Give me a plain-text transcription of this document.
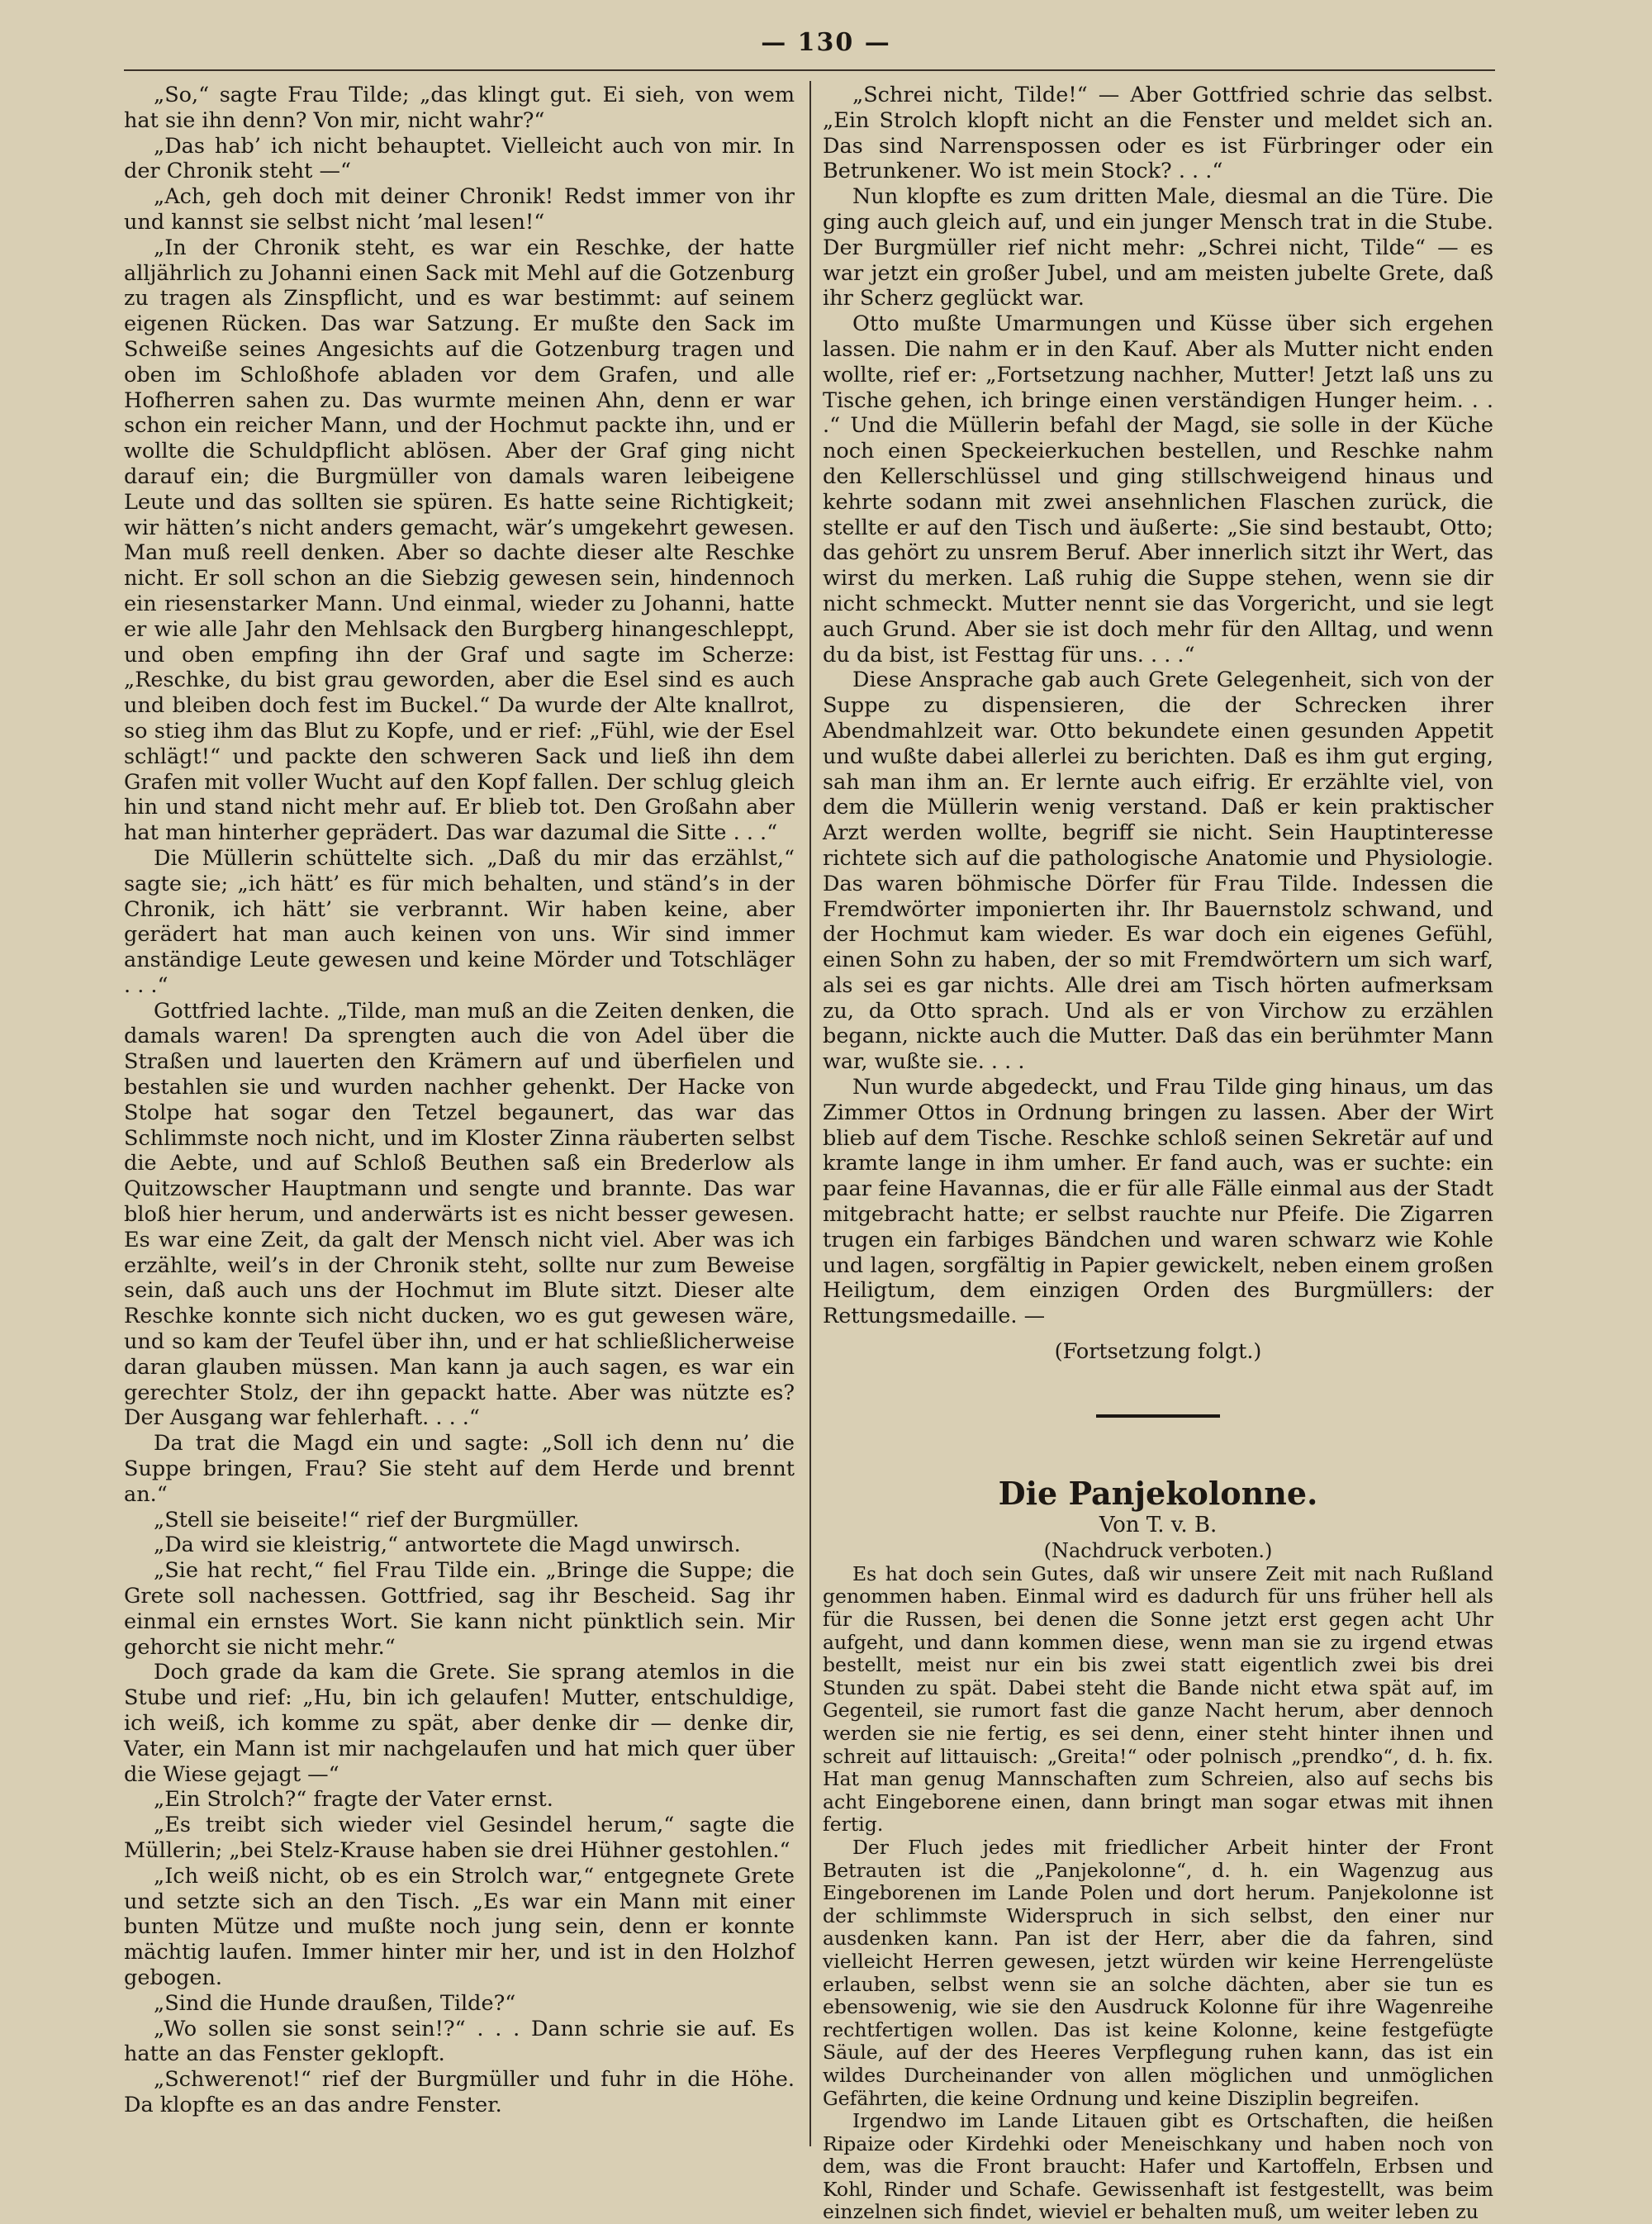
— 130 —

„So,“ sagte Frau Tilde; „das klingt gut. Ei sieh, von wem hat sie ihn denn? Von mir, nicht wahr?“

„Das hab’ ich nicht behauptet. Vielleicht auch von mir. In der Chronik steht —“

„Ach, geh doch mit deiner Chronik! Redst immer von ihr und kannst sie selbst nicht ’mal lesen!“

„In der Chronik steht, es war ein Reschke, der hatte alljährlich zu Johanni einen Sack mit Mehl auf die Gotzenburg zu tragen als Zinspflicht, und es war bestimmt: auf seinem eigenen Rücken. Das war Satzung. Er mußte den Sack im Schweiße seines Angesichts auf die Gotzenburg tragen und oben im Schloßhofe abladen vor dem Grafen, und alle Hofherren sahen zu. Das wurmte meinen Ahn, denn er war schon ein reicher Mann, und der Hochmut packte ihn, und er wollte die Schuldpflicht ablösen. Aber der Graf ging nicht darauf ein; die Burgmüller von damals waren leibeigene Leute und das sollten sie spüren. Es hatte seine Richtigkeit; wir hätten’s nicht anders gemacht, wär’s umgekehrt gewesen. Man muß reell denken. Aber so dachte dieser alte Reschke nicht. Er soll schon an die Siebzig gewesen sein, hindennoch ein riesenstarker Mann. Und einmal, wieder zu Johanni, hatte er wie alle Jahr den Mehlsack den Burgberg hinangeschleppt, und oben empfing ihn der Graf und sagte im Scherze: „Reschke, du bist grau geworden, aber die Esel sind es auch und bleiben doch fest im Buckel.“ Da wurde der Alte knallrot, so stieg ihm das Blut zu Kopfe, und er rief: „Fühl, wie der Esel schlägt!“ und packte den schweren Sack und ließ ihn dem Grafen mit voller Wucht auf den Kopf fallen. Der schlug gleich hin und stand nicht mehr auf. Er blieb tot. Den Großahn aber hat man hinterher geprädert. Das war dazumal die Sitte . . .“

Die Müllerin schüttelte sich. „Daß du mir das erzählst,“ sagte sie; „ich hätt’ es für mich behalten, und ständ’s in der Chronik, ich hätt’ sie verbrannt. Wir haben keine, aber gerädert hat man auch keinen von uns. Wir sind immer anständige Leute gewesen und keine Mörder und Totschläger . . .“

Gottfried lachte. „Tilde, man muß an die Zeiten denken, die damals waren! Da sprengten auch die von Adel über die Straßen und lauerten den Krämern auf und überfielen und bestahlen sie und wurden nachher gehenkt. Der Hacke von Stolpe hat sogar den Tetzel begaunert, das war das Schlimmste noch nicht, und im Kloster Zinna räuberten selbst die Aebte, und auf Schloß Beuthen saß ein Brederlow als Quitzowscher Hauptmann und sengte und brannte. Das war bloß hier herum, und anderwärts ist es nicht besser gewesen. Es war eine Zeit, da galt der Mensch nicht viel. Aber was ich erzählte, weil’s in der Chronik steht, sollte nur zum Beweise sein, daß auch uns der Hochmut im Blute sitzt. Dieser alte Reschke konnte sich nicht ducken, wo es gut gewesen wäre, und so kam der Teufel über ihn, und er hat schließlicherweise daran glauben müssen. Man kann ja auch sagen, es war ein gerechter Stolz, der ihn gepackt hatte. Aber was nützte es? Der Ausgang war fehlerhaft. . . .“

Da trat die Magd ein und sagte: „Soll ich denn nu’ die Suppe bringen, Frau? Sie steht auf dem Herde und brennt an.“

„Stell sie beiseite!“ rief der Burgmüller.

„Da wird sie kleistrig,“ antwortete die Magd unwirsch.

„Sie hat recht,“ fiel Frau Tilde ein. „Bringe die Suppe; die Grete soll nachessen. Gottfried, sag ihr Bescheid. Sag ihr einmal ein ernstes Wort. Sie kann nicht pünktlich sein. Mir gehorcht sie nicht mehr.“

Doch grade da kam die Grete. Sie sprang atemlos in die Stube und rief: „Hu, bin ich gelaufen! Mutter, entschuldige, ich weiß, ich komme zu spät, aber denke dir — denke dir, Vater, ein Mann ist mir nachgelaufen und hat mich quer über die Wiese gejagt —“

„Ein Strolch?“ fragte der Vater ernst.

„Es treibt sich wieder viel Gesindel herum,“ sagte die Müllerin; „bei Stelz-Krause haben sie drei Hühner gestohlen.“

„Ich weiß nicht, ob es ein Strolch war,“ entgegnete Grete und setzte sich an den Tisch. „Es war ein Mann mit einer bunten Mütze und mußte noch jung sein, denn er konnte mächtig laufen. Immer hinter mir her, und ist in den Holzhof gebogen.

„Sind die Hunde draußen, Tilde?“

„Wo sollen sie sonst sein!?“ . . . Dann schrie sie auf. Es hatte an das Fenster geklopft.

„Schwerenot!“ rief der Burgmüller und fuhr in die Höhe. Da klopfte es an das andre Fenster.

„Schrei nicht, Tilde!“ — Aber Gottfried schrie das selbst. „Ein Strolch klopft nicht an die Fenster und meldet sich an. Das sind Narrenspossen oder es ist Fürbringer oder ein Betrunkener. Wo ist mein Stock? . . .“

Nun klopfte es zum dritten Male, diesmal an die Türe. Die ging auch gleich auf, und ein junger Mensch trat in die Stube. Der Burgmüller rief nicht mehr: „Schrei nicht, Tilde“ — es war jetzt ein großer Jubel, und am meisten jubelte Grete, daß ihr Scherz geglückt war.

Otto mußte Umarmungen und Küsse über sich ergehen lassen. Die nahm er in den Kauf. Aber als Mutter nicht enden wollte, rief er: „Fortsetzung nachher, Mutter! Jetzt laß uns zu Tische gehen, ich bringe einen verständigen Hunger heim. . . .“ Und die Müllerin befahl der Magd, sie solle in der Küche noch einen Speckeierkuchen bestellen, und Reschke nahm den Kellerschlüssel und ging stillschweigend hinaus und kehrte sodann mit zwei ansehnlichen Flaschen zurück, die stellte er auf den Tisch und äußerte: „Sie sind bestaubt, Otto; das gehört zu unsrem Beruf. Aber innerlich sitzt ihr Wert, das wirst du merken. Laß ruhig die Suppe stehen, wenn sie dir nicht schmeckt. Mutter nennt sie das Vorgericht, und sie legt auch Grund. Aber sie ist doch mehr für den Alltag, und wenn du da bist, ist Festtag für uns. . . .“

Diese Ansprache gab auch Grete Gelegenheit, sich von der Suppe zu dispensieren, die der Schrecken ihrer Abendmahlzeit war. Otto bekundete einen gesunden Appetit und wußte dabei allerlei zu berichten. Daß es ihm gut erging, sah man ihm an. Er lernte auch eifrig. Er erzählte viel, von dem die Müllerin wenig verstand. Daß er kein praktischer Arzt werden wollte, begriff sie nicht. Sein Hauptinteresse richtete sich auf die pathologische Anatomie und Physiologie. Das waren böhmische Dörfer für Frau Tilde. Indessen die Fremdwörter imponierten ihr. Ihr Bauernstolz schwand, und der Hochmut kam wieder. Es war doch ein eigenes Gefühl, einen Sohn zu haben, der so mit Fremdwörtern um sich warf, als sei es gar nichts. Alle drei am Tisch hörten aufmerksam zu, da Otto sprach. Und als er von Virchow zu erzählen begann, nickte auch die Mutter. Daß das ein berühmter Mann war, wußte sie. . . .

Nun wurde abgedeckt, und Frau Tilde ging hinaus, um das Zimmer Ottos in Ordnung bringen zu lassen. Aber der Wirt blieb auf dem Tische. Reschke schloß seinen Sekretär auf und kramte lange in ihm umher. Er fand auch, was er suchte: ein paar feine Havannas, die er für alle Fälle einmal aus der Stadt mitgebracht hatte; er selbst rauchte nur Pfeife. Die Zigarren trugen ein farbiges Bändchen und waren schwarz wie Kohle und lagen, sorgfältig in Papier gewickelt, neben einem großen Heiligtum, dem einzigen Orden des Burgmüllers: der Rettungsmedaille. —

(Fortsetzung folgt.)

Die Panjekolonne.

Von T. v. B.

(Nachdruck verboten.)

Es hat doch sein Gutes, daß wir unsere Zeit mit nach Rußland genommen haben. Einmal wird es dadurch für uns früher hell als für die Russen, bei denen die Sonne jetzt erst gegen acht Uhr aufgeht, und dann kommen diese, wenn man sie zu irgend etwas bestellt, meist nur ein bis zwei statt eigentlich zwei bis drei Stunden zu spät. Dabei steht die Bande nicht etwa spät auf, im Gegenteil, sie rumort fast die ganze Nacht herum, aber dennoch werden sie nie fertig, es sei denn, einer steht hinter ihnen und schreit auf littauisch: „Greita!“ oder polnisch „prendko“, d. h. fix. Hat man genug Mannschaften zum Schreien, also auf sechs bis acht Eingeborene einen, dann bringt man sogar etwas mit ihnen fertig.

Der Fluch jedes mit friedlicher Arbeit hinter der Front Betrauten ist die „Panjekolonne“, d. h. ein Wagenzug aus Eingeborenen im Lande Polen und dort herum. Panjekolonne ist der schlimmste Widerspruch in sich selbst, den einer nur ausdenken kann. Pan ist der Herr, aber die da fahren, sind vielleicht Herren gewesen, jetzt würden wir keine Herrengelüste erlauben, selbst wenn sie an solche dächten, aber sie tun es ebensowenig, wie sie den Ausdruck Kolonne für ihre Wagenreihe rechtfertigen wollen. Das ist keine Kolonne, keine festgefügte Säule, auf der des Heeres Verpflegung ruhen kann, das ist ein wildes Durcheinander von allen möglichen und unmöglichen Gefährten, die keine Ordnung und keine Disziplin begreifen.

Irgendwo im Lande Litauen gibt es Ortschaften, die heißen Ripaize oder Kirdehki oder Meneischkany und haben noch von dem, was die Front braucht: Hafer und Kartoffeln, Erbsen und Kohl, Rinder und Schafe. Gewissenhaft ist festgestellt, was beim einzelnen sich findet, wieviel er behalten muß, um weiter leben zu
